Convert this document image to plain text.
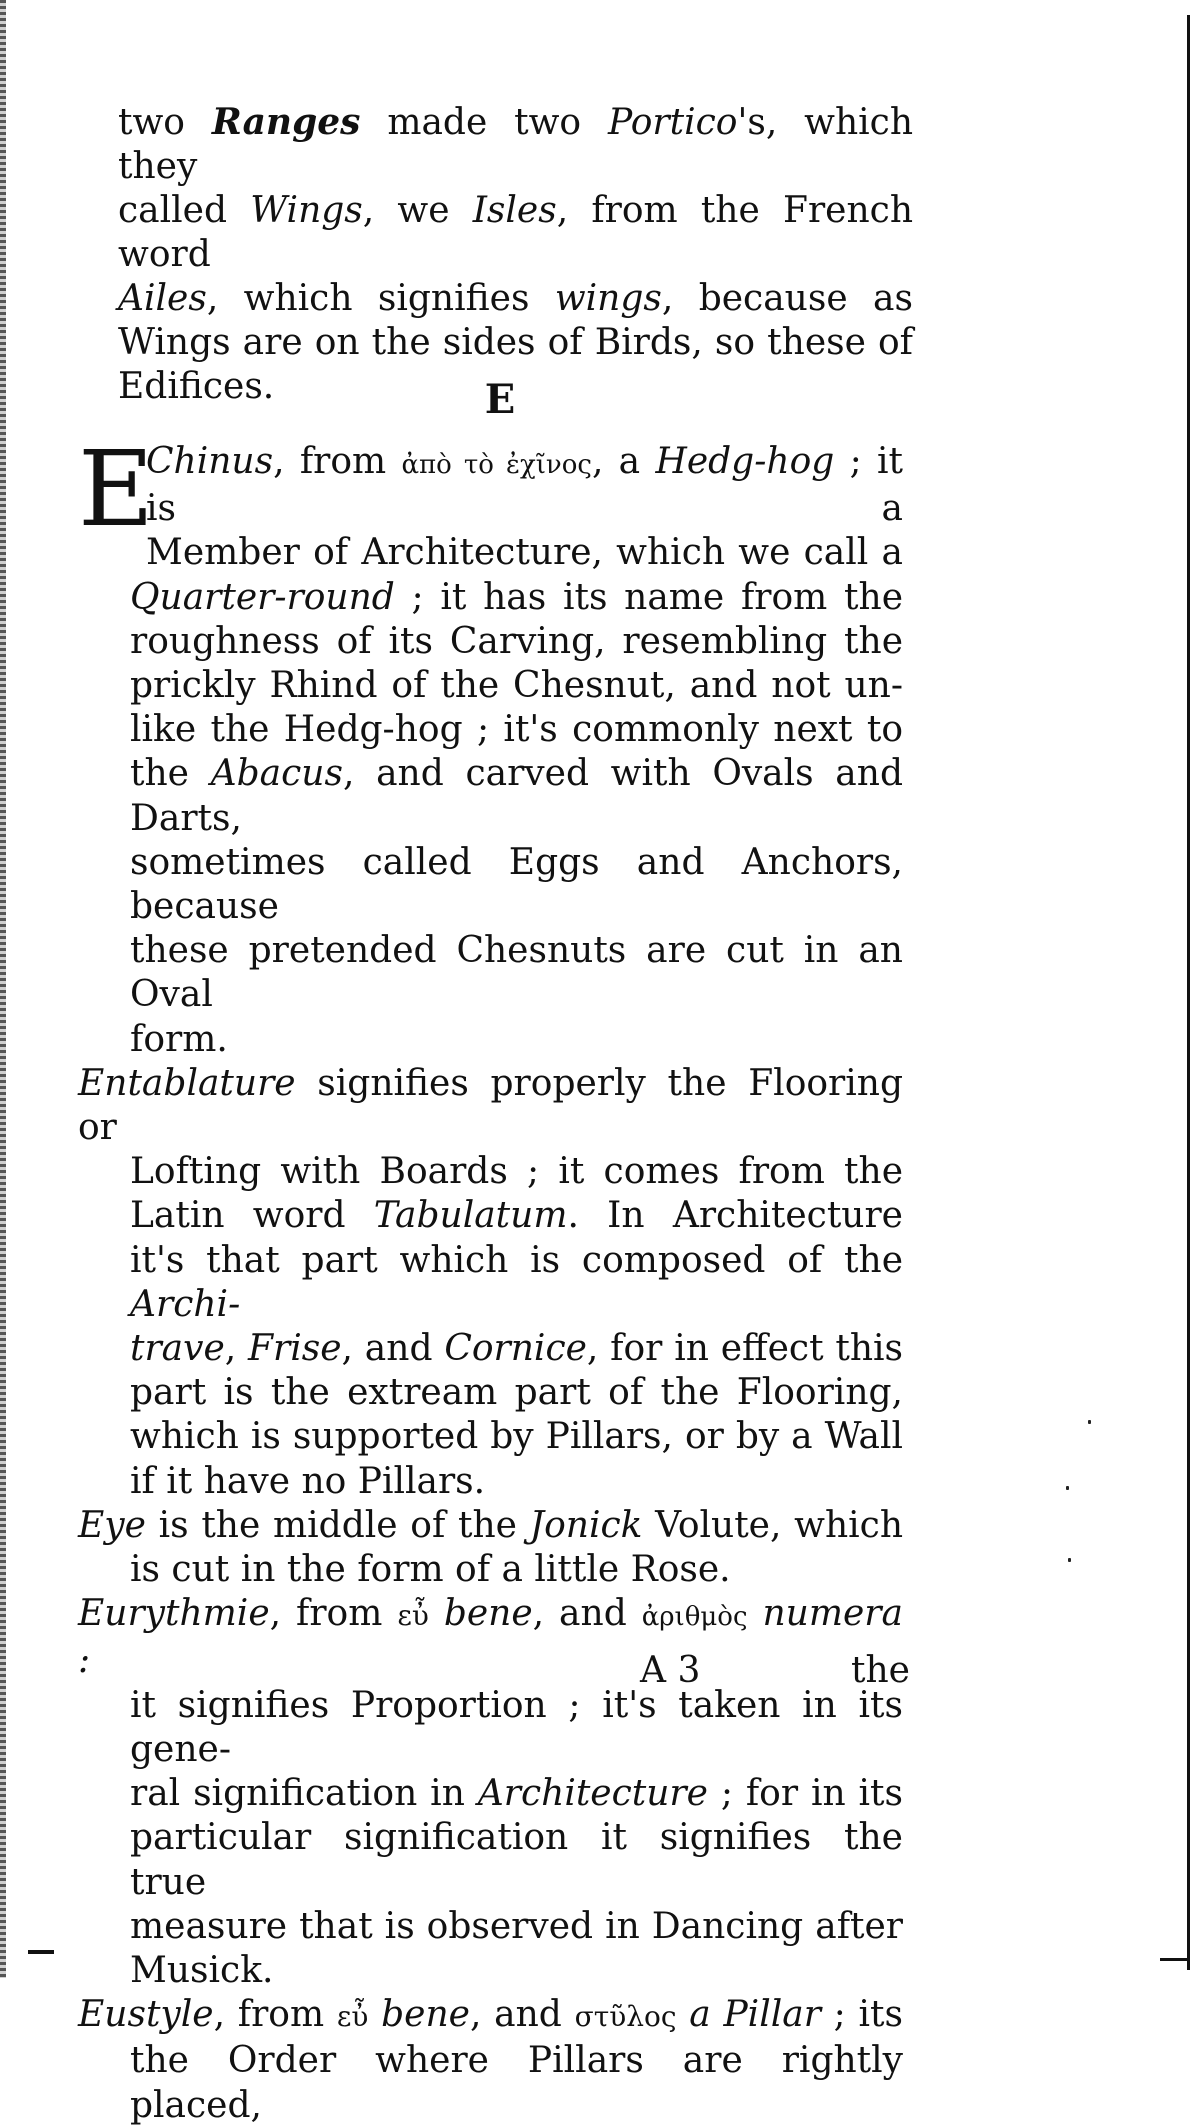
two Ranges made two Portico's, which they
called Wings, we Isles, from the French word
Ailes, which signifies wings, because as
Wings are on the sides of Birds, so these of
Edifices.	E
E
Chinus, from ἀπὸ τὸ ἐχῖνος, a Hedg-hog ; it is a
Member of Architecture, which we call a
Quarter-round ; it has its name from the
roughness of its Carving, resembling the
prickly Rhind of the Chesnut, and not un-
like the Hedg-hog ; it's commonly next to
the Abacus, and carved with Ovals and Darts,
sometimes called Eggs and Anchors, because
these pretended Chesnuts are cut in an Oval
form.
Entablature signifies properly the Flooring or
Lofting with Boards ; it comes from the
Latin word Tabulatum. In Architecture
it's that part which is composed of the Archi-
trave, Frise, and Cornice, for in effect this
part is the extream part of the Flooring,
which is supported by Pillars, or by a Wall
if it have no Pillars.
Eye is the middle of the Jonick Volute, which
is cut in the form of a little Rose.
Eurythmie, from εὖ bene, and ἀριθμὸς numera :
it signifies Proportion ; it's taken in its gene-
ral signification in Architecture ; for in its
particular signification it signifies the true
measure that is observed in Dancing after
Musick.
Eustyle, from εὖ bene, and στῦλος a Pillar ; its
the Order where Pillars are rightly placed,
A 3	the
